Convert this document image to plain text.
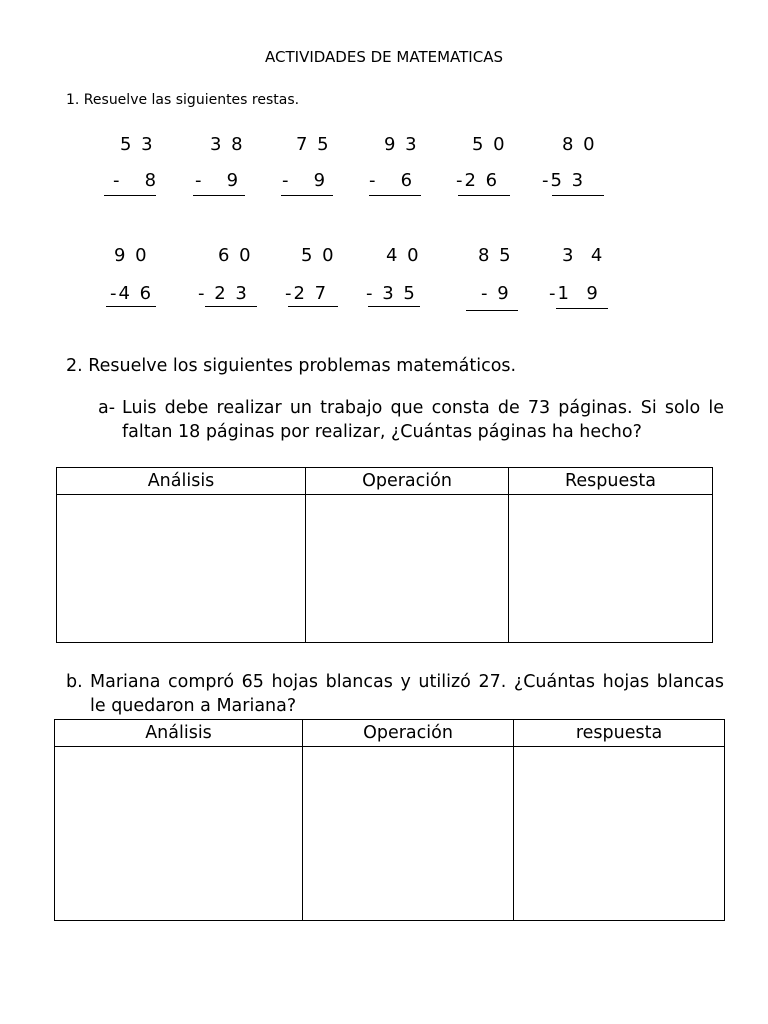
ACTIVIDADES DE MATEMATICAS
1. Resuelve las siguientes restas.
5 3
-   8
3 8
-   9
7 5
-   9
9 3
-   6
5 0
-2 6
8 0
-5 3
9 0
-4 6
6 0
- 2 3
5 0
-2 7
4 0
- 3 5
8 5
- 9
3  4
-1  9
2. Resuelve los siguientes problemas matemáticos.
a- Luis debe realizar un trabajo que consta de 73 páginas. Si solo le faltan 18 páginas por realizar, ¿Cuántas páginas ha hecho?
Análisis	Operación	Respuesta

b. Mariana compró 65 hojas blancas y utilizó 27. ¿Cuántas hojas blancas le quedaron a Mariana?
Análisis	Operación	respuesta
